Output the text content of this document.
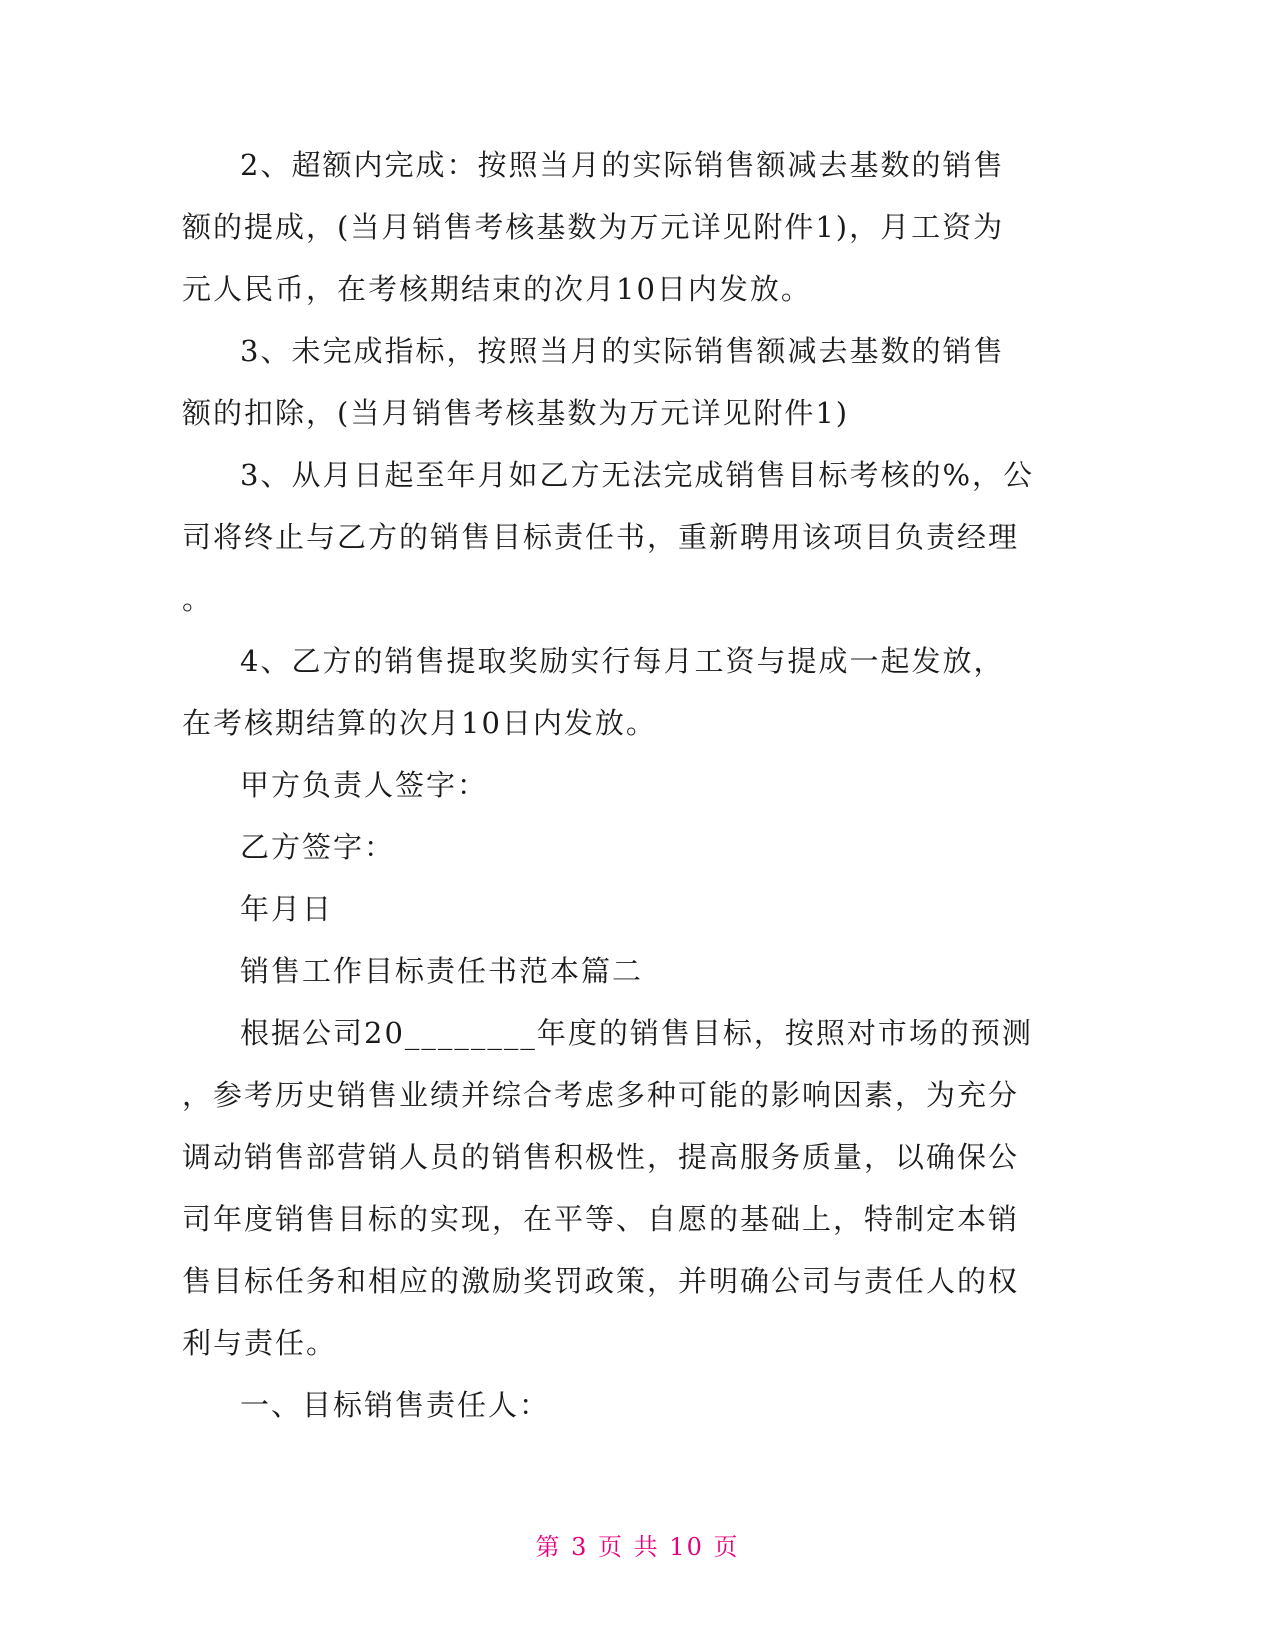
2、超额内完成：按照当月的实际销售额减去基数的销售
额的提成，(当月销售考核基数为万元详见附件1)，月工资为
元人民币，在考核期结束的次月10日内发放。
3、未完成指标，按照当月的实际销售额减去基数的销售
额的扣除，(当月销售考核基数为万元详见附件1)
3、从月日起至年月如乙方无法完成销售目标考核的%，公
司将终止与乙方的销售目标责任书，重新聘用该项目负责经理
。
4、乙方的销售提取奖励实行每月工资与提成一起发放，
在考核期结算的次月10日内发放。
甲方负责人签字：
乙方签字：
年月日
销售工作目标责任书范本篇二
根据公司20________年度的销售目标，按照对市场的预测
，参考历史销售业绩并综合考虑多种可能的影响因素，为充分
调动销售部营销人员的销售积极性，提高服务质量，以确保公
司年度销售目标的实现，在平等、自愿的基础上，特制定本销
售目标任务和相应的激励奖罚政策，并明确公司与责任人的权
利与责任。
一、目标销售责任人：
第 3 页 共 10 页
